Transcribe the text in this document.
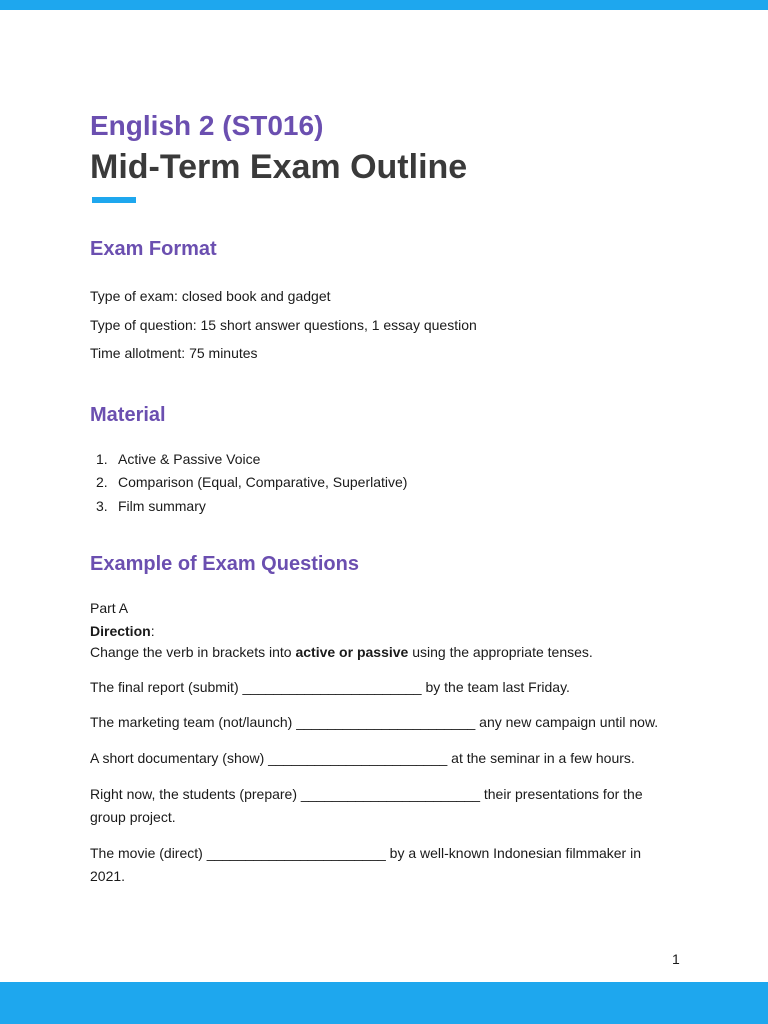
English 2 (ST016)
Mid-Term Exam Outline
Exam Format
Type of exam: closed book and gadget
Type of question: 15 short answer questions, 1 essay question
Time allotment: 75 minutes
Material
1. Active & Passive Voice
2. Comparison (Equal, Comparative, Superlative)
3. Film summary
Example of Exam Questions
Part A
Direction:
Change the verb in brackets into active or passive using the appropriate tenses.
The final report (submit) _______________________ by the team last Friday.
The marketing team (not/launch) _______________________ any new campaign until now.
A short documentary (show) _______________________ at the seminar in a few hours.
Right now, the students (prepare) _______________________ their presentations for the
group project.
The movie (direct) _______________________ by a well-known Indonesian filmmaker in
2021.
1
